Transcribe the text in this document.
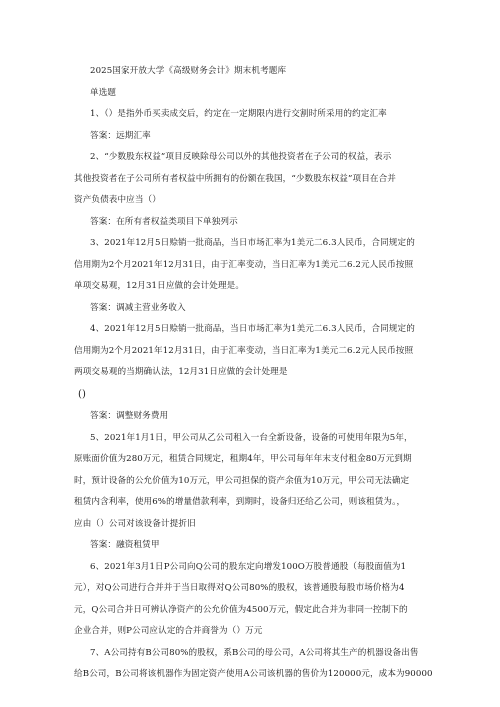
2025国家开放大学《高级财务会计》期末机考题库
单选题
1、（）是指外币买卖成交后，约定在一定期限内进行交割时所采用的约定汇率
答案：远期汇率
2、“少数股东权益”项目反映除母公司以外的其他投资者在子公司的权益，表示
其他投资者在子公司所有者权益中所拥有的份额在我国，“少数股东权益”项目在合并
资产负债表中应当（）
答案：在所有者权益类项目下单独列示
3、2021年12月5日赊销一批商品，当日市场汇率为1美元二6.3人民币，合同规定的
信用期为2个月2021年12月31日，由于汇率变动，当日汇率为1美元二6.2元人民币按照
单项交易观，12月31日应做的会计处理是。
答案：调减主营业务收入
4、2021年12月5日赊销一批商品，当日市场汇率为1美元二6.3人民币，合同规定的
信用期为2个月2021年12月31日，由于汇率变动，当日汇率为1美元二6.2元人民币按照
两项交易观的当期确认法，12月31日应做的会计处理是
()
答案：调整财务费用
5、2021年1月1日，甲公司从乙公司租入一台全新设备，设备的可使用年限为5年，
原账面价值为280万元，租赁合同规定，租期4年，甲公司每年年末支付租金80万元到期
时，预计设备的公允价值为10万元，甲公司担保的资产余值为10万元，甲公司无法确定
租赁内含利率，使用6%的增量借款利率，到期时，设备归还给乙公司，则该租赁为。，
应由（）公司对该设备计提折旧
答案：融资租赁甲
6、2021年3月1日P公司向Q公司的股东定向增发100O万股普通股（每股面值为1
元），对Q公司进行合并并于当日取得对Q公司80%的股权，该普通股每股市场价格为4
元，Q公司合并日可辨认净资产的公允价值为4500万元，假定此合并为非同一控制下的
企业合并，则P公司应认定的合并商誉为（）万元
7、A公司持有B公司80%的股权，系B公司的母公司，A公司将其生产的机器设备出售
给B公司，B公司将该机器作为固定资产使用A公司该机器的售价为120000元，成本为90000
